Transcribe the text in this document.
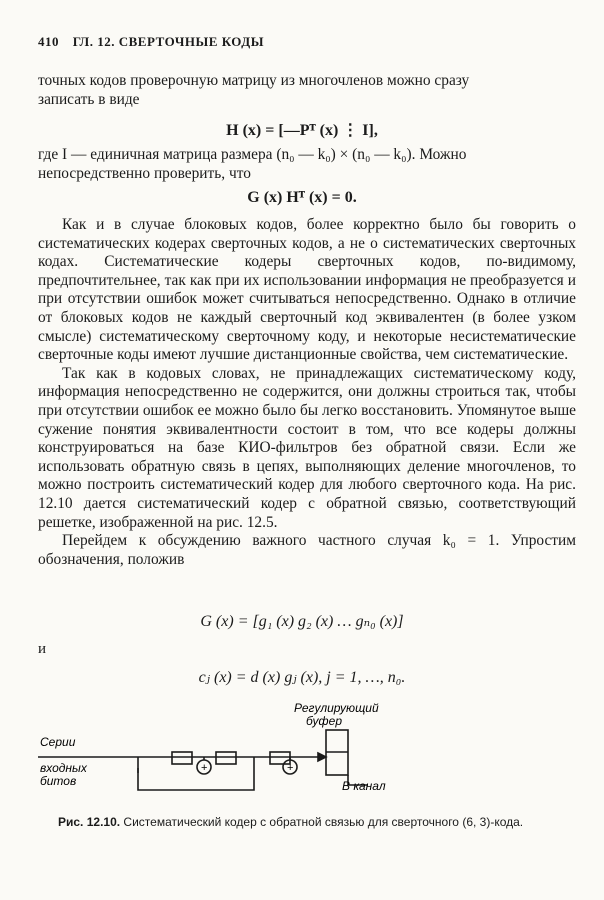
410 ГЛ. 12. СВЕРТОЧНЫЕ КОДЫ

точных кодов проверочную матрицу из многочленов можно сразу

записать в виде

H (x) = [—Pᵀ (x) ⋮ I],

где I — единичная матрица размера (n₀ — k₀) × (n₀ — k₀). Можно

непосредственно проверить, что

G (x) Hᵀ (x) = 0.

Как и в случае блоковых кодов, более корректно было бы говорить о систематических кодерах сверточных кодов, а не о систематических сверточных кодах. Систематические кодеры сверточных кодов, по-видимому, предпочтительнее, так как при их использовании информация не преобразуется и при отсутствии ошибок может считываться непосредственно. Однако в отличие от блоковых кодов не каждый сверточный код эквивалентен (в более узком смысле) систематическому сверточному коду, и некоторые несистематические сверточные коды имеют лучшие дистанционные свойства, чем систематические.

Так как в кодовых словах, не принадлежащих систематическому коду, информация непосредственно не содержится, они должны строиться так, чтобы при отсутствии ошибок ее можно было бы легко восстановить. Упомянутое выше сужение понятия эквивалентности состоит в том, что все кодеры должны конструироваться на базе КИО-фильтров без обратной связи. Если же использовать обратную связь в цепях, выполняющих деление многочленов, то можно построить систематический кодер для любого сверточного кода. На рис. 12.10 дается систематический кодер с обратной связью, соответствующий решетке, изображенной на рис. 12.5.

Перейдем к обсуждению важного частного случая k₀ = 1. Упростим обозначения, положив

G (x) = [g₁ (x) g₂ (x) … gₙ₀ (x)]
и
cⱼ (x) = d (x) gⱼ (x), j = 1, …, n₀.
+	+
Регулирующий
буфер
Серии
входных
битов	В канал
Рис. 12.10. Систематический кодер с обратной связью для сверточного (6, 3)-кода.
